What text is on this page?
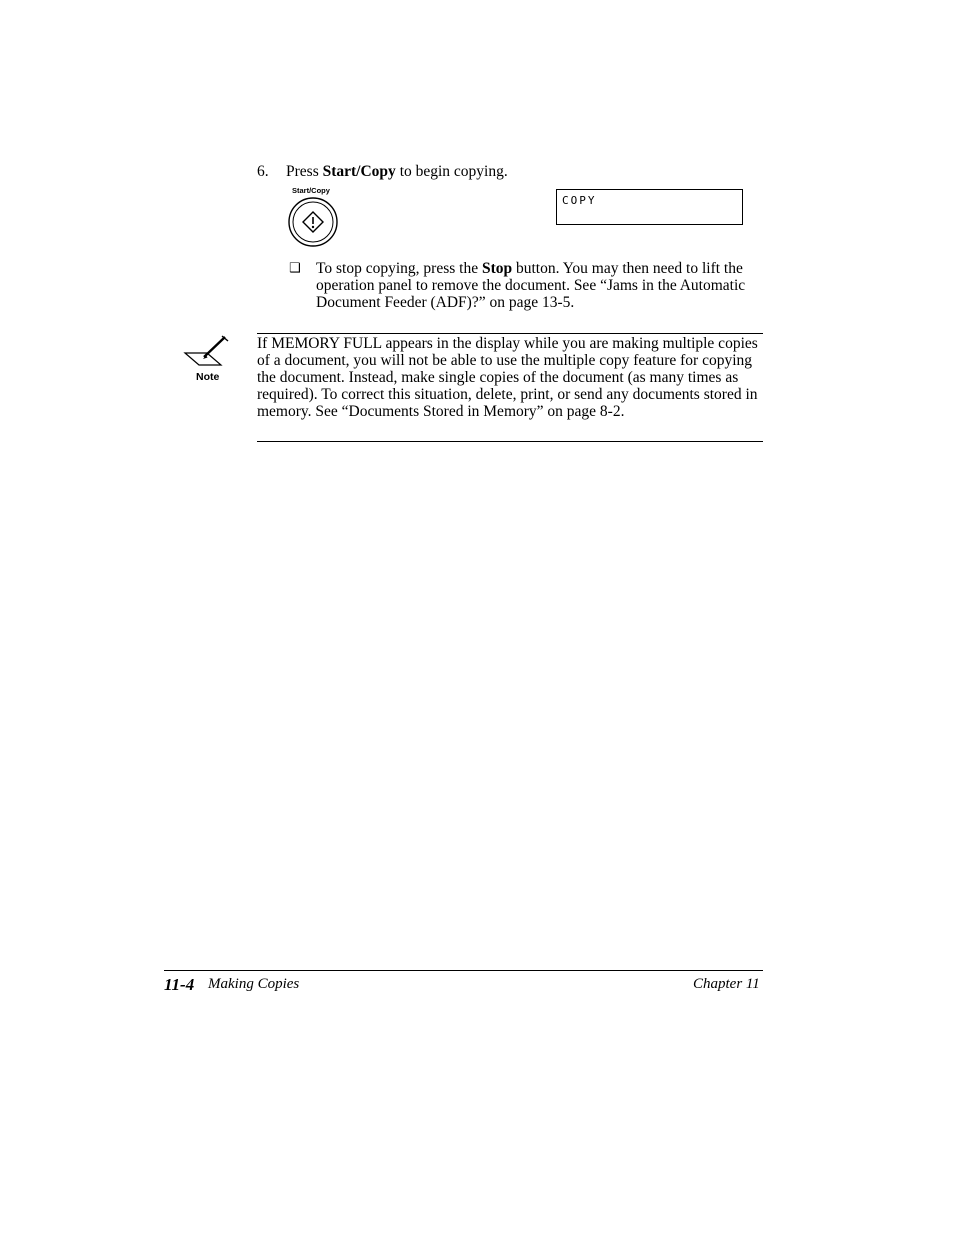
6. Press Start/Copy to begin copying.
Start/Copy
COPY
❑ To stop copying, press the Stop button. You may then need to lift the operation panel to remove the document. See “Jams in the Automatic Document Feeder (ADF)?” on page 13-5.
Note
If MEMORY FULL appears in the display while you are making multiple copies of a document, you will not be able to use the multiple copy feature for copying the document. Instead, make single copies of the document (as many times as required). To correct this situation, delete, print, or send any documents stored in memory. See “Documents Stored in Memory” on page 8-2.
11-4 Making Copies	Chapter 11
